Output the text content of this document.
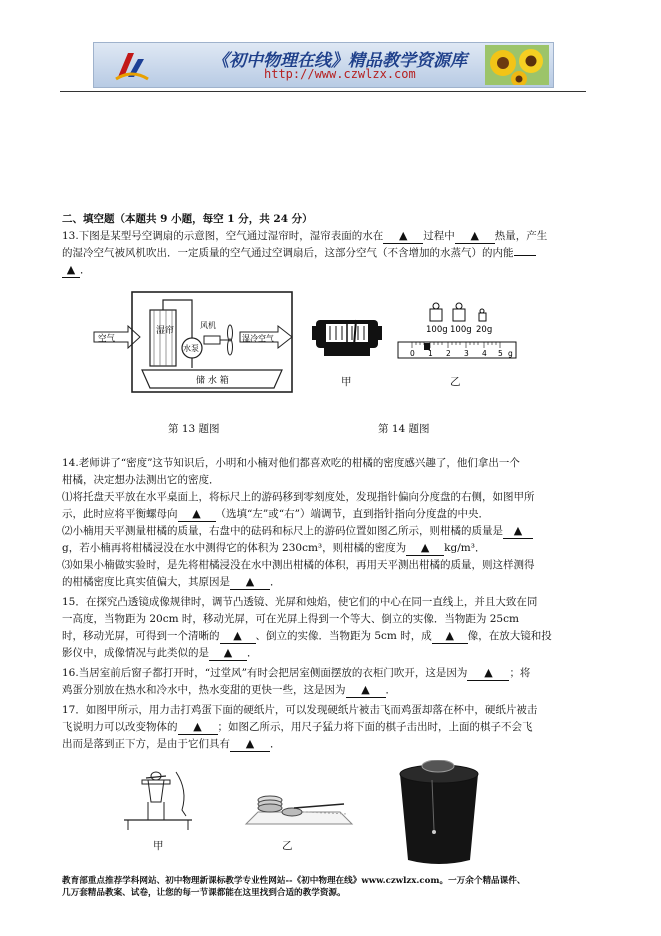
《初中物理在线》精品教学资源库
http://www.czwlzx.com
二、填空题（本题共 9 小题，每空 1 分，共 24 分）
13.下图是某型号空调扇的示意图，空气通过湿帘时，湿帘表面的水在 ▲ 过程中 ▲ 热量，产生
的湿冷空气被风机吹出．一定质量的空气通过空调扇后，这部分空气（不含增加的水蒸气）的内能
▲ ．
湿帘
水泵
风机
储 水 箱
空气	湿冷空气
甲
100g 100g 20g
0 1 2 3 4 5 g
乙
第 13 题图	第 14 题图
14.老师讲了“密度”这节知识后，小明和小楠对他们都喜欢吃的柑橘的密度感兴趣了，他们拿出一个
柑橘，决定想办法测出它的密度．
⑴将托盘天平放在水平桌面上，将标尺上的游码移到零刻度处，发现指针偏向分度盘的右侧，如图甲所
示，此时应将平衡螺母向 ▲ （选填“左”或“右”）端调节，直到指针指向分度盘的中央．
⑵小楠用天平测量柑橘的质量，右盘中的砝码和标尺上的游码位置如图乙所示，则柑橘的质量是 ▲
g，若小楠再将柑橘浸没在水中测得它的体积为 230cm³，则柑橘的密度为 ▲ kg/m³．
⑶如果小楠做实验时，是先将柑橘浸没在水中测出柑橘的体积，再用天平测出柑橘的质量，则这样测得
的柑橘密度比真实值偏大，其原因是 ▲ ．
15．在探究凸透镜成像规律时，调节凸透镜、光屏和烛焰，使它们的中心在同一直线上，并且大致在同
一高度，当物距为 20cm 时，移动光屏，可在光屏上得到一个等大、倒立的实像．当物距为 25cm
时，移动光屏，可得到一个清晰的 ▲ 、倒立的实像．当物距为 5cm 时，成 ▲ 像，在放大镜和投
影仪中，成像情况与此类似的是 ▲ ．
16.当居室前后窗子都打开时，“过堂风”有时会把居室侧面摆放的衣柜门吹开，这是因为 ▲ ；将
鸡蛋分别放在热水和冷水中，热水变甜的更快一些，这是因为 ▲ ．
17．如图甲所示，用力击打鸡蛋下面的硬纸片，可以发现硬纸片被击飞而鸡蛋却落在杯中，硬纸片被击
飞说明力可以改变物体的 ▲ ；如图乙所示，用尺子猛力将下面的棋子击出时，上面的棋子不会飞
出而是落到正下方，是由于它们具有 ▲ ．
甲	乙
教育部重点推荐学科网站、初中物理新课标教学专业性网站--《初中物理在线》www.czwlzx.com。一万余个精品课件、
几万套精品教案、试卷，让您的每一节课都能在这里找到合适的教学资源。
